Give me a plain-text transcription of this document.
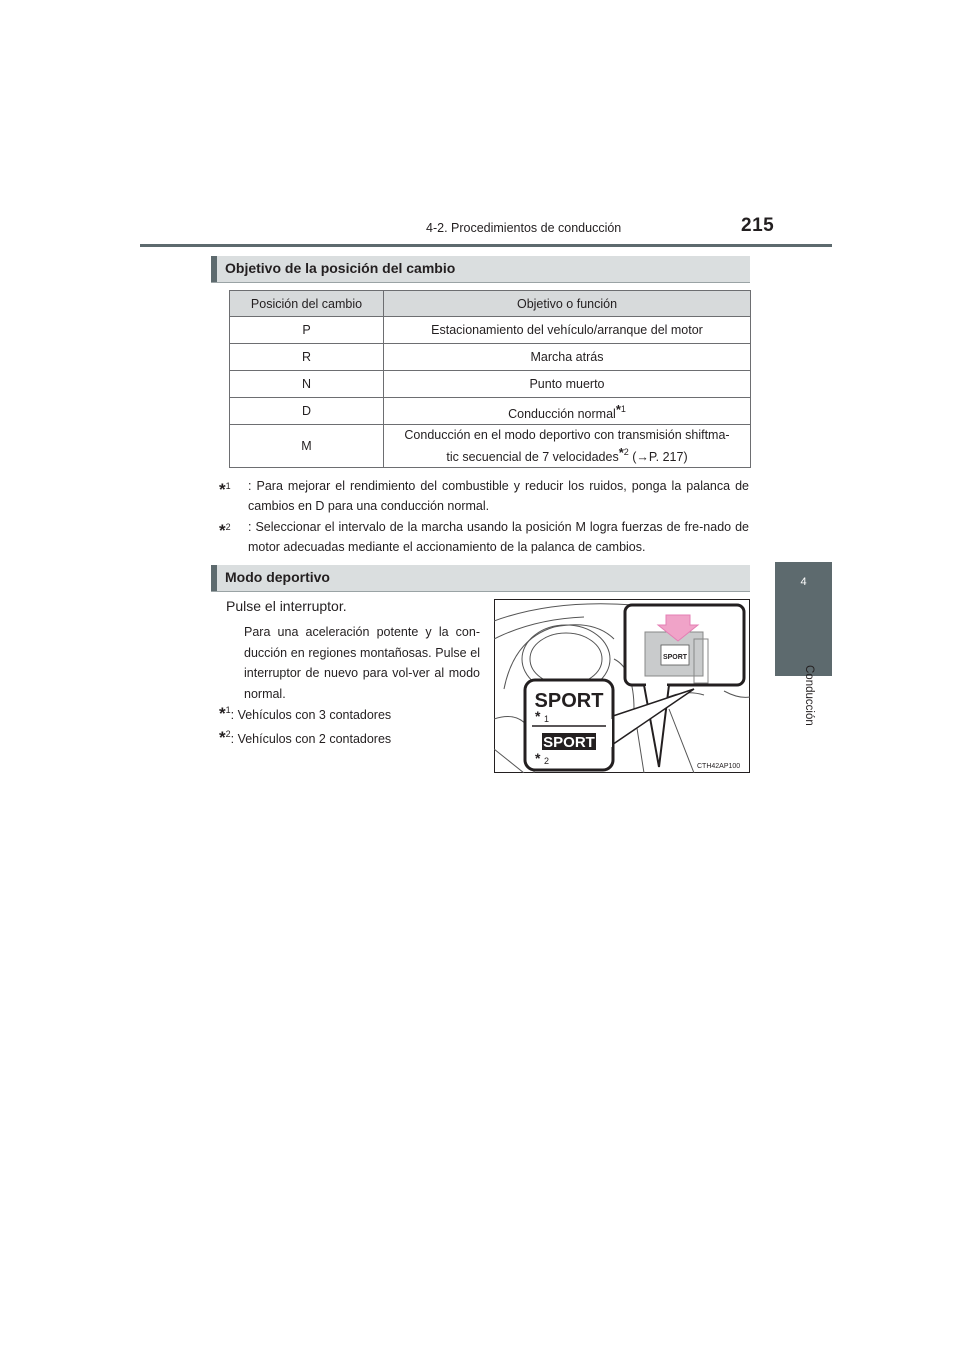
4-2. Procedimientos de conducción	215
4
Conducción
Objetivo de la posición del cambio
Posición del cambio	Objetivo o función
P	Estacionamiento del vehículo/arranque del motor
R	Marcha atrás
N	Punto muerto
D	Conducción normal$^{*1}$
M	Conducción en el modo deportivo con transmisión shiftma-
tic secuencial de 7 velocidades$^{*2}$ (→P. 217)
*$^1$ : Para mejorar el rendimiento del combustible y reducir los ruidos, ponga la palanca de cambios en D para una conducción normal.
*$^2$ : Seleccionar el intervalo de la marcha usando la posición M logra fuerzas de fre-nado de motor adecuadas mediante el accionamiento de la palanca de cambios.
Modo deportivo
Pulse el interruptor.
Para una aceleración potente y la con-ducción en regiones montañosas. Pulse el interruptor de nuevo para vol-ver al modo normal.
*$^1$: Vehículos con 3 contadores
*$^2$: Vehículos con 2 contadores
SPORT
SPORT
* 1
SPORT
* 2
CTH42AP100
